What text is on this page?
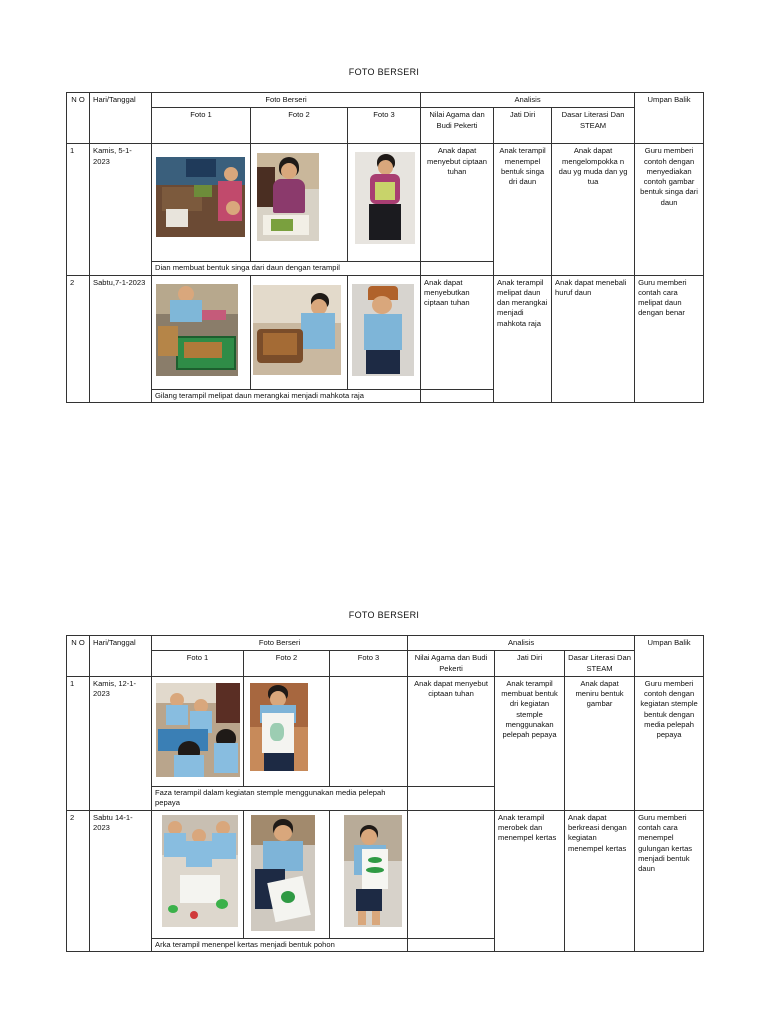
FOTO BERSERI
N O	Hari/Tanggal	Foto Berseri			Analisis			Umpan Balik
		Foto 1	Foto 2	Foto 3	Nilai Agama dan Budi Pekerti	Jati Diri	Dasar Literasi Dan STEAM	
1	Kamis, 5-1-2023				Anak dapat menyebut ciptaan tuhan	Anak terampil menempel bentuk singa dri daun	Anak dapat mengelompokka n dau yg muda dan yg tua	Guru memberi contoh dengan menyediakan contoh gambar bentuk singa dari daun
		Dian membuat bentuk singa dari daun dengan terampil						
2	Sabtu,7-1-2023				Anak dapat menyebutkan ciptaan tuhan	Anak terampil melipat daun dan merangkai menjadi mahkota raja	Anak dapat menebali huruf daun	Guru memberi contah cara melipat daun dengan benar
		Gilang terampil melipat daun merangkai menjadi mahkota raja						
FOTO BERSERI
N O	Hari/Tanggal	Foto Berseri			Analisis			Umpan Balik
		Foto 1	Foto 2	Foto 3	Nilai Agama dan Budi Pekerti	Jati Diri	Dasar Literasi Dan STEAM	
1	Kamis, 12-1-2023				Anak dapat menyebut ciptaan tuhan	Anak terampil membuat bentuk dri kegiatan stemple menggunakan pelepah pepaya	Anak dapat meniru bentuk gambar	Guru memberi contoh dengan kegiatan stemple bentuk dengan media pelepah pepaya
		Faza terampil dalam kegiatan stemple menggunakan media pelepah pepaya						
2	Sabtu 14-1-2023					Anak terampil merobek dan menempel kertas	Anak dapat berkreasi dengan kegiatan menempel kertas	Guru memberi contah cara menempel gulungan kertas menjadi bentuk daun
		Arka terampil menenpel kertas menjadi bentuk pohon						
